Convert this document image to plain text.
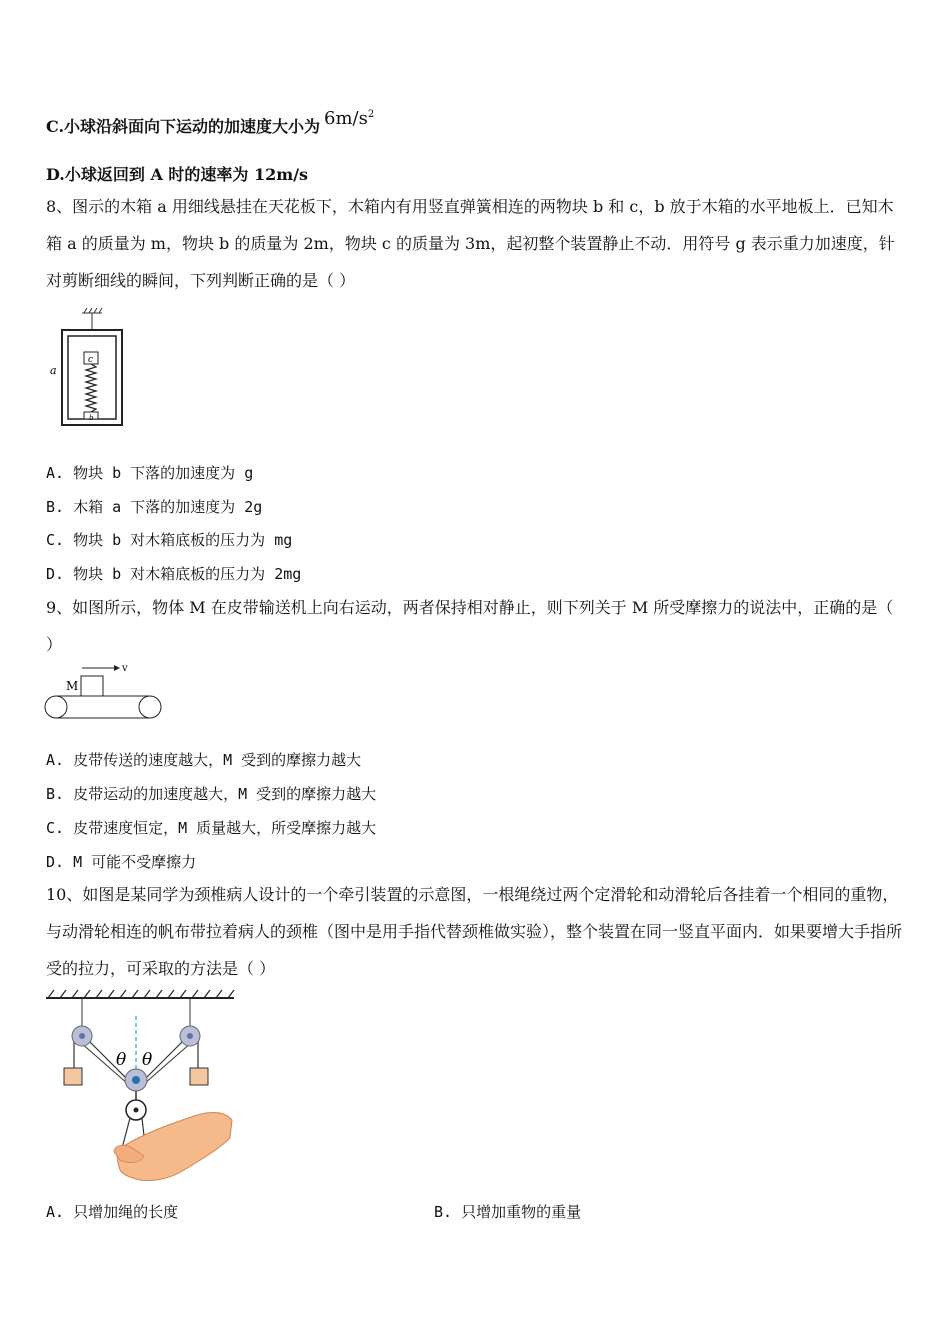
C.小球沿斜面向下运动的加速度大小为 $6m/s^2$
D.小球返回到 A 时的速率为 12m/s
8、图示的木箱 a 用细线悬挂在天花板下，木箱内有用竖直弹簧相连的两物块 b 和 c，b 放于木箱的水平地板上．已知木箱 a 的质量为 m，物块 b 的质量为 2m，物块 c 的质量为 3m，起初整个装置静止不动．用符号 g 表示重力加速度，针对剪断细线的瞬间，下列判断正确的是（ ）
c
b
a
A. 物块 b 下落的加速度为 g
B. 木箱 a 下落的加速度为 2g
C. 物块 b 对木箱底板的压力为 mg
D. 物块 b 对木箱底板的压力为 2mg
9、如图所示，物体 M 在皮带输送机上向右运动，两者保持相对静止，则下列关于 M 所受摩擦力的说法中，正确的是（
）
v
M
A. 皮带传送的速度越大，M 受到的摩擦力越大
B. 皮带运动的加速度越大，M 受到的摩擦力越大
C. 皮带速度恒定，M 质量越大，所受摩擦力越大
D. M 可能不受摩擦力
10、如图是某同学为颈椎病人设计的一个牵引装置的示意图，一根绳绕过两个定滑轮和动滑轮后各挂着一个相同的重物，与动滑轮相连的帆布带拉着病人的颈椎（图中是用手指代替颈椎做实验），整个装置在同一竖直平面内．如果要增大手指所受的拉力，可采取的方法是（ ）
θ θ
A. 只增加绳的长度	B. 只增加重物的重量
